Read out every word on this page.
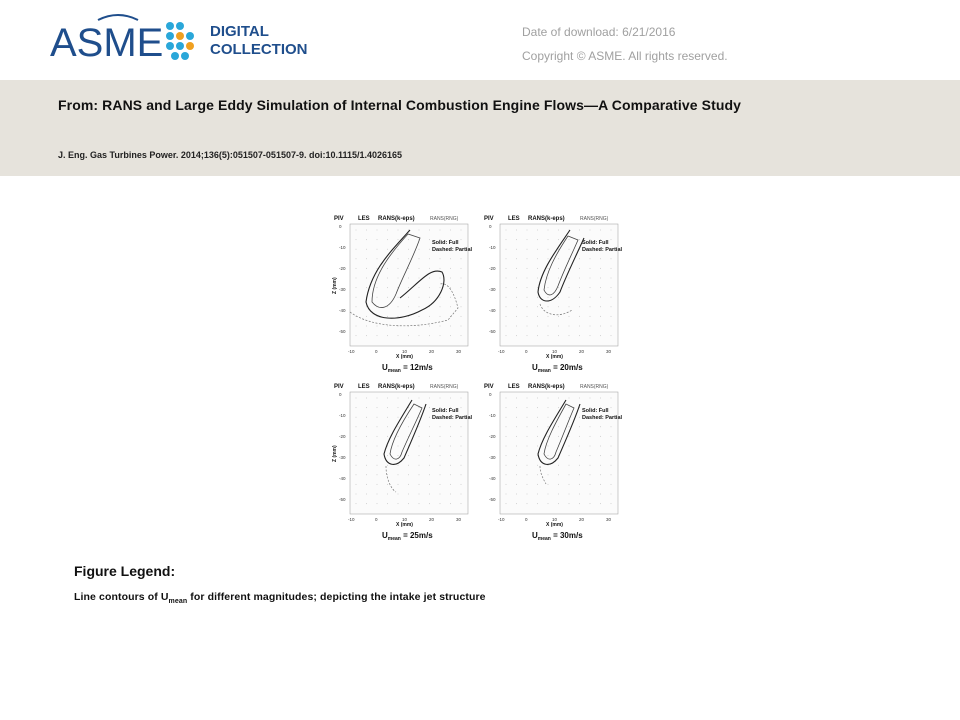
ASME	DIGITAL
COLLECTION
Date of download: 6/21/2016
Copyright © ASME. All rights reserved.
From: RANS and Large Eddy Simulation of Internal Combustion Engine Flows—A Comparative Study
J. Eng. Gas Turbines Power. 2014;136(5):051507-051507-9. doi:10.1115/1.4026165
PIV LES RANS(k-eps)	RANS(RNG)
0
-10
-20
-30
-40
-50
-10	0	10	20	30
X (mm)
Z (mm)
Solid: Full
Dashed: Partial
$U_{mean} = 12m/s$
PIV LES RANS(k-eps)	RANS(RNG)
0
-10
-20
-30
-40
-50
-10	0	10	20	30
X (mm)
Solid: Full
Dashed: Partial
$U_{mean} = 20m/s$
PIV LES RANS(k-eps)	RANS(RNG)
0
-10
-20
-30
-40
-50
-10	0	10	20	30
X (mm)
Z (mm)
Solid: Full
Dashed: Partial
$U_{mean} = 25m/s$
PIV LES RANS(k-eps)	RANS(RNG)
0
-10
-20
-30
-40
-50
-10	0	10	20	30
X (mm)
Solid: Full
Dashed: Partial
$U_{mean} = 30m/s$
Figure Legend:
Line contours of $U_{mean}$ for different magnitudes; depicting the intake jet structure
